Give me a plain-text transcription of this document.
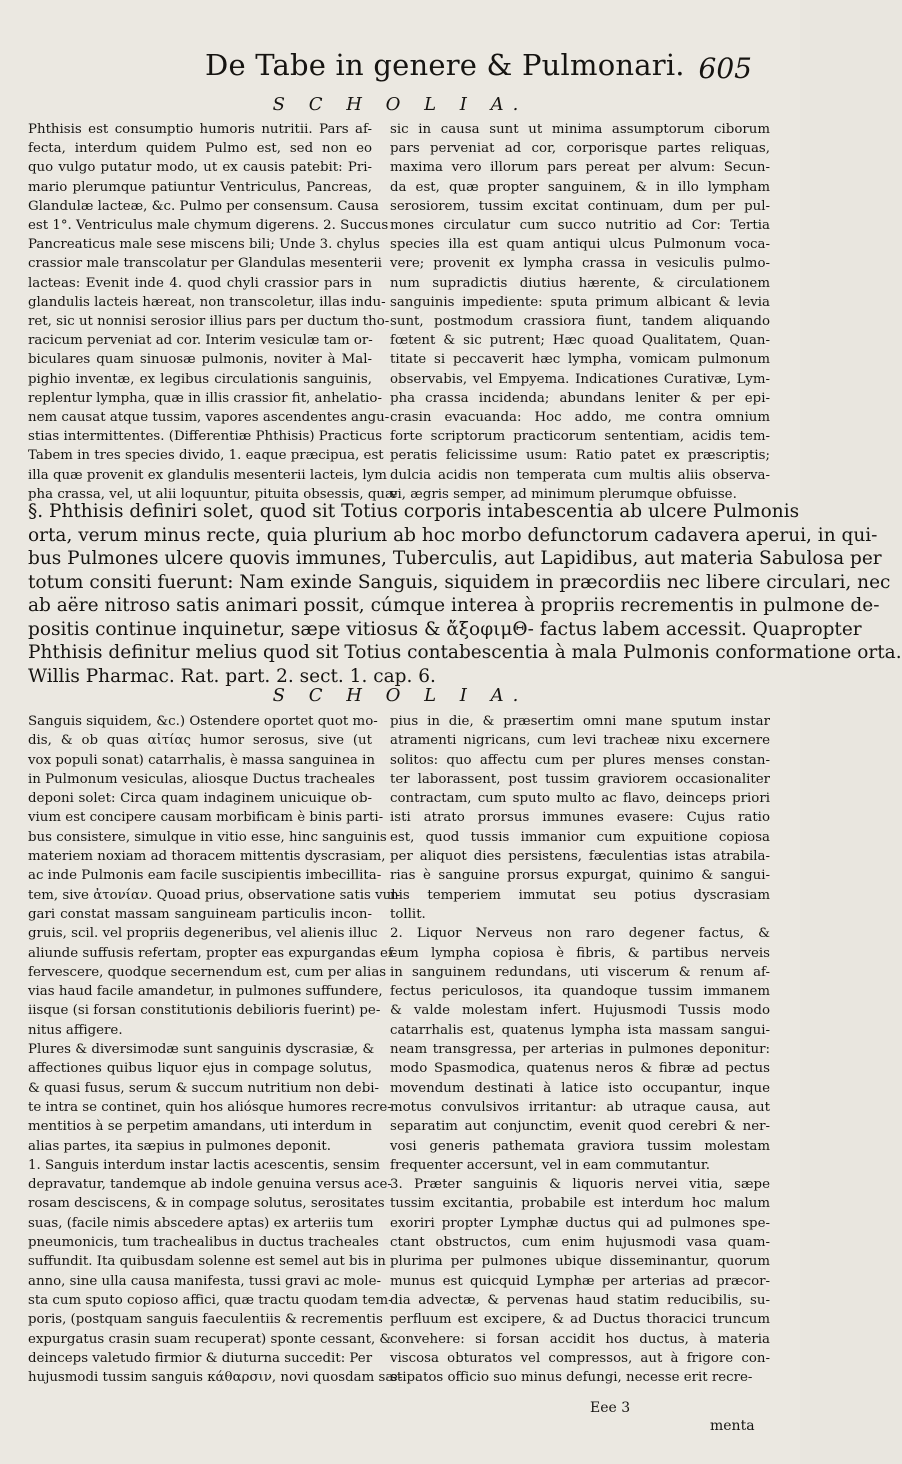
De Tabe in genere & Pulmonari. 605
S C H O L I A.
Phthisis est consumptio humoris nutritii. Pars af-
fecta, interdum quidem Pulmo est, sed non eo
quo vulgo putatur modo, ut ex causis patebit: Pri-
mario plerumque patiuntur Ventriculus, Pancreas,
Glandulæ lacteæ, &c. Pulmo per consensum. Causa
est 1°. Ventriculus male chymum digerens. 2. Succus
Pancreaticus male sese miscens bili; Unde 3. chylus
crassior male transcolatur per Glandulas mesenterii
lacteas: Evenit inde 4. quod chyli crassior pars in
glandulis lacteis hæreat, non transcoletur, illas indu-
ret, sic ut nonnisi serosior illius pars per ductum tho-
racicum perveniat ad cor. Interim vesiculæ tam or-
biculares quam sinuosæ pulmonis, noviter à Mal-
pighio inventæ, ex legibus circulationis sanguinis,
replentur lympha, quæ in illis crassior fit, anhelatio-
nem causat atque tussim, vapores ascendentes angu-
stias intermittentes. (Differentiæ Phthisis) Practicus
Tabem in tres species divido, 1. eaque præcipua, est
illa quæ provenit ex glandulis mesenterii lacteis, lym
pha crassa, vel, ut alii loquuntur, pituita obsessis, quæ
sic in causa sunt ut minima assumptorum ciborum
pars perveniat ad cor, corporisque partes reliquas,
maxima vero illorum pars pereat per alvum: Secun-
da est, quæ propter sanguinem, & in illo lympham
serosiorem, tussim excitat continuam, dum per pul-
mones circulatur cum succo nutritio ad Cor: Tertia
species illa est quam antiqui ulcus Pulmonum voca-
vere; provenit ex lympha crassa in vesiculis pulmo-
num supradictis diutius hærente, & circulationem
sanguinis impediente: sputa primum albicant & levia
sunt, postmodum crassiora fiunt, tandem aliquando
fœtent & sic putrent; Hæc quoad Qualitatem, Quan-
titate si peccaverit hæc lympha, vomicam pulmonum
observabis, vel Empyema. Indicationes Curativæ, Lym-
pha crassa incidenda; abundans leniter & per epi-
crasin evacuanda: Hoc addo, me contra omnium
forte scriptorum practicorum sententiam, acidis tem-
peratis felicissime usum: Ratio patet ex præscriptis;
dulcia acidis non temperata cum multis aliis observa-
vi, ægris semper, ad minimum plerumque obfuisse.
§. Phthisis definiri solet, quod sit Totius corporis intabescentia ab ulcere Pulmonis
orta, verum minus recte, quia plurium ab hoc morbo defunctorum cadavera aperui, in qui-
bus Pulmones ulcere quovis immunes, Tuberculis, aut Lapidibus, aut materia Sabulosa per
totum consiti fuerunt: Nam exinde Sanguis, siquidem in præcordiis nec libere circulari, nec
ab aëre nitroso satis animari possit, cúmque interea à propriis recrementis in pulmone de-
positis continue inquinetur, sæpe vitiosus & ἄξοφιμΘ- factus labem accessit. Quapropter
Phthisis definitur melius quod sit Totius contabescentia à mala Pulmonis conformatione orta.
Willis Pharmac. Rat. part. 2. sect. 1. cap. 6.
S C H O L I A.
Sanguis siquidem, &c.) Ostendere oportet quot mo-
dis, & ob quas αἰτίας humor serosus, sive (ut
vox populi sonat) catarrhalis, è massa sanguinea in
in Pulmonum vesiculas, aliosque Ductus tracheales
deponi solet: Circa quam indaginem unicuique ob-
vium est concipere causam morbificam è binis parti-
bus consistere, simulque in vitio esse, hinc sanguinis
materiem noxiam ad thoracem mittentis dyscrasiam,
ac inde Pulmonis eam facile suscipientis imbecillita-
tem, sive ἀτονίαν. Quoad prius, observatione satis vul-
gari constat massam sanguineam particulis incon-
gruis, scil. vel propriis degeneribus, vel alienis illuc
aliunde suffusis refertam, propter eas expurgandas ef-
fervescere, quodque secernendum est, cum per alias
vias haud facile amandetur, in pulmones suffundere,
iisque (si forsan constitutionis debilioris fuerint) pe-
nitus affigere.
Plures & diversimodæ sunt sanguinis dyscrasiæ, &
affectiones quibus liquor ejus in compage solutus,
& quasi fusus, serum & succum nutritium non debi-
te intra se continet, quin hos aliósque humores recre-
mentitios à se perpetim amandans, uti interdum in
alias partes, ita sæpius in pulmones deponit.
1. Sanguis interdum instar lactis acescentis, sensim
depravatur, tandemque ab indole genuina versus ace-
rosam desciscens, & in compage solutus, serositates
suas, (facile nimis abscedere aptas) ex arteriis tum
pneumonicis, tum trachealibus in ductus tracheales
suffundit. Ita quibusdam solenne est semel aut bis in
anno, sine ulla causa manifesta, tussi gravi ac mole-
sta cum sputo copioso affici, quæ tractu quodam tem-
poris, (postquam sanguis faeculentiis & recrementis
expurgatus crasin suam recuperat) sponte cessant, &
deinceps valetudo firmior & diuturna succedit: Per
hujusmodi tussim sanguis κάθαρσιν, novi quosdam sæ-
pius in die, & præsertim omni mane sputum instar
atramenti nigricans, cum levi tracheæ nixu excernere
solitos: quo affectu cum per plures menses constan-
ter laborassent, post tussim graviorem occasionaliter
contractam, cum sputo multo ac flavo, deinceps priori
isti atrato prorsus immunes evasere: Cujus ratio
est, quod tussis immanior cum expuitione copiosa
per aliquot dies persistens, fæculentias istas atrabila-
rias è sanguine prorsus expurgat, quinimo & sangui-
nis temperiem immutat seu potius dyscrasiam
tollit.
2. Liquor Nerveus non raro degener factus, &
cum lympha copiosa è fibris, & partibus nerveis
in sanguinem redundans, uti viscerum & renum af-
fectus periculosos, ita quandoque tussim immanem
& valde molestam infert. Hujusmodi Tussis modo
catarrhalis est, quatenus lympha ista massam sangui-
neam transgressa, per arterias in pulmones deponitur:
modo Spasmodica, quatenus neros & fibræ ad pectus
movendum destinati à latice isto occupantur, inque
motus convulsivos irritantur: ab utraque causa, aut
separatim aut conjunctim, evenit quod cerebri & ner-
vosi generis pathemata graviora tussim molestam
frequenter accersunt, vel in eam commutantur.
3. Præter sanguinis & liquoris nervei vitia, sæpe
tussim excitantia, probabile est interdum hoc malum
exoriri propter Lymphæ ductus qui ad pulmones spe-
ctant obstructos, cum enim hujusmodi vasa quam-
plurima per pulmones ubique disseminantur, quorum
munus est quicquid Lymphæ per arterias ad præcor-
dia advectæ, & pervenas haud statim reducibilis, su-
perfluum est excipere, & ad Ductus thoracici truncum
convehere: si forsan accidit hos ductus, à materia
viscosa obturatos vel compressos, aut à frigore con-
stipatos officio suo minus defungi, necesse erit recre-
Eee 3
menta
